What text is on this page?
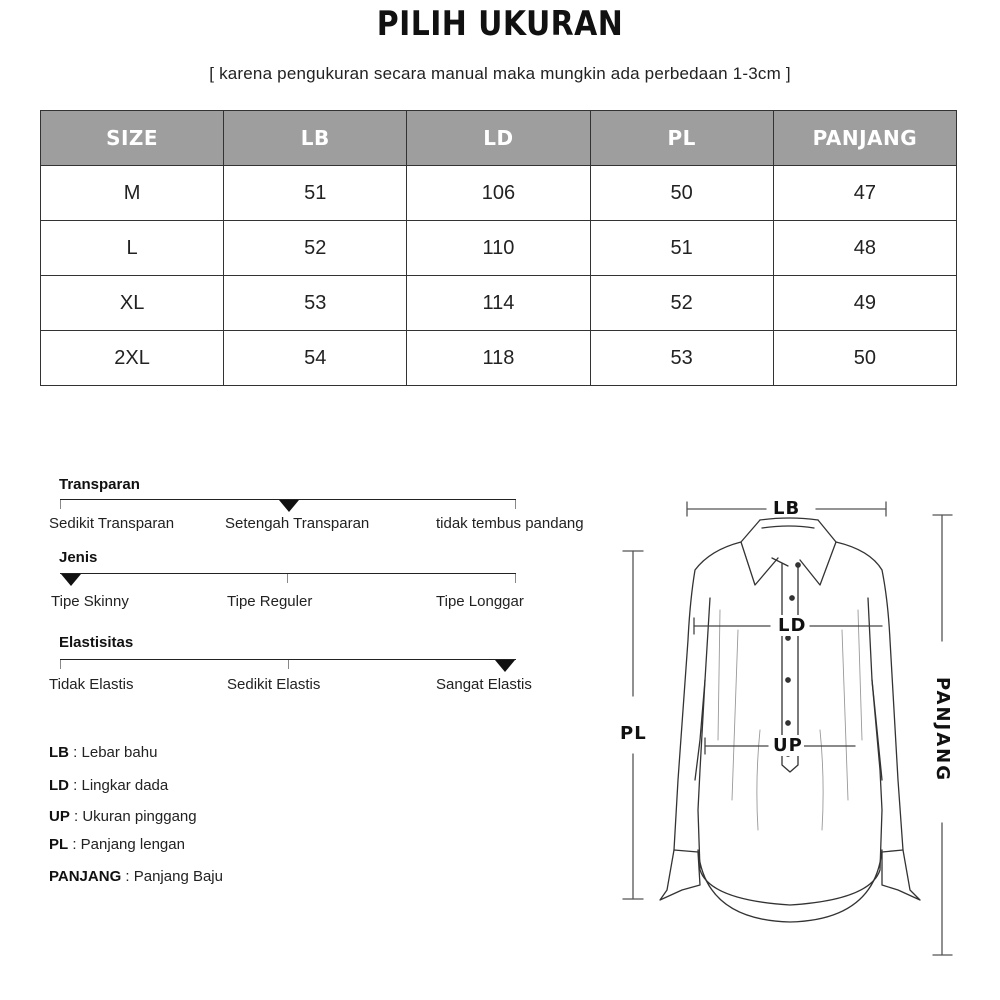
PILIH UKURAN
[ karena pengukuran secara manual maka mungkin ada perbedaan 1-3cm ]
SIZE	LB	LD	PL	PANJANG
M	51	106	50	47
L	52	110	51	48
XL	53	114	52	49
2XL	54	118	53	50
Transparan
Sedikit Transparan	Setengah Transparan	tidak tembus pandang
Jenis
Tipe Skinny	Tipe Reguler	Tipe Longgar
Elastisitas
Tidak Elastis	Sedikit Elastis	Sangat Elastis
LB : Lebar bahu
LD : Lingkar dada
UP : Ukuran pinggang
PL : Panjang lengan
PANJANG : Panjang Baju
LB
LD
UP
PL	PANJANG
